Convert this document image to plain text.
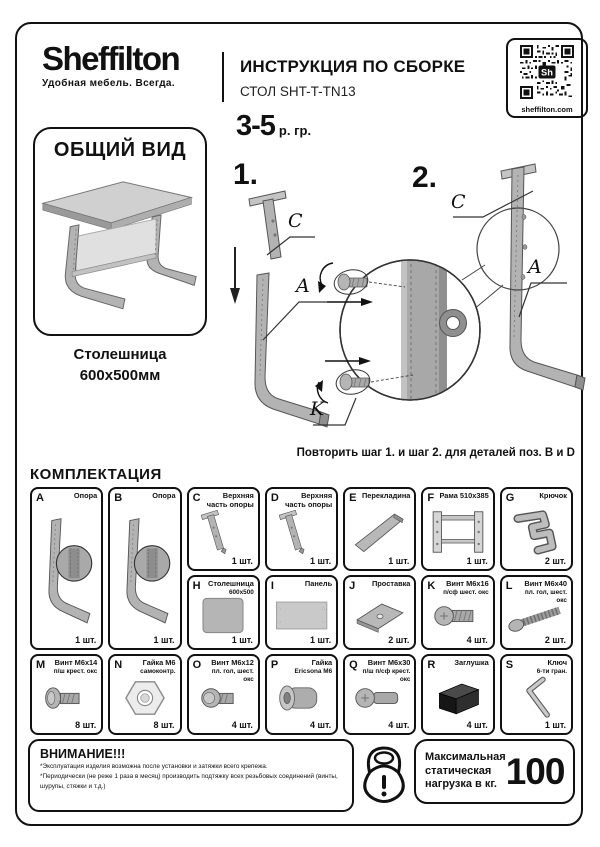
Sheffilton
Удобная мебель. Всегда.
ИНСТРУКЦИЯ ПО СБОРКЕ
СТОЛ SHT-T-TN13
Sh
sheffilton.com
3-5 р. гр.
ОБЩИЙ ВИД
Столешница
600х500мм
1.	2.
C
A
C
A
K
Повторить шаг 1. и шаг 2. для деталей поз. В и D
КОМПЛЕКТАЦИЯ
A	Опора
1 шт.
B	Опора
1 шт.
C	Верхняя часть опоры
1 шт.
D	Верхняя часть опоры
1 шт.
E Перекладина
1 шт.
F Рама 510х385
1 шт.
G	Крючок
2 шт.
H	Столешница
600х500
1 шт.
I	Панель
1 шт.
J	Проставка
2 шт.
K	Винт М6х16
п/сф шест. окс
4 шт.
L	Винт М6х40
пл. гол, шест. окс
2 шт.
M	Винт М6х14
п/ш крест. окс
8 шт.
N	Гайка М6
самоконтр.
8 шт.
O	Винт М6х12
пл. гол, шест. окс
4 шт.
P	Гайка
Ericsona М6
4 шт.
Q	Винт М6х30
п/ш п/сф крест. окс
4 шт.
R	Заглушка
4 шт.
S	Ключ
6-ти гран.
1 шт.
ВНИМАНИЕ!!!
*Эксплуатация изделия возможна после установки и затяжки всего крепежа.
*Периодически (не реже 1 раза в месяц) производить подтяжку всех резьбовых соединений (винты, шурупы, стяжки и т.д.)
Максимальная статическая нагрузка в кг. 100
